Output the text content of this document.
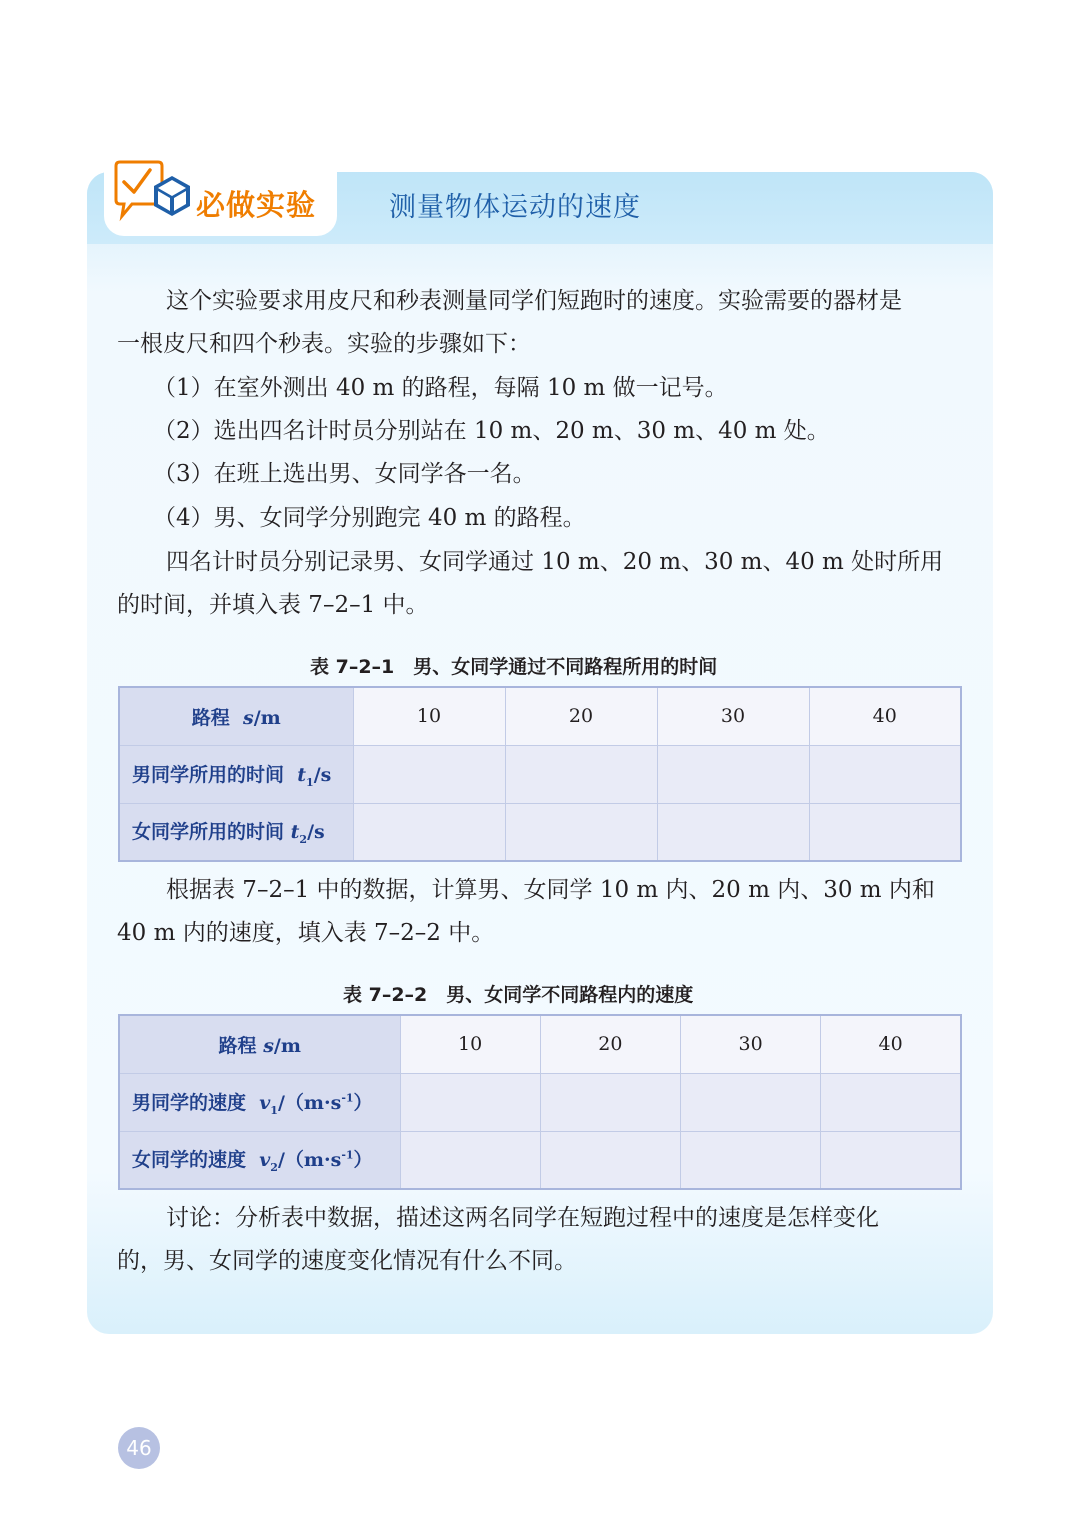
必做实验	测量物体运动的速度
这个实验要求用皮尺和秒表测量同学们短跑时的速度。实验需要的器材是
一根皮尺和四个秒表。实验的步骤如下：
（1）在室外测出 40 m 的路程，每隔 10 m 做一记号。
（2）选出四名计时员分别站在 10 m、20 m、30 m、40 m 处。
（3）在班上选出男、女同学各一名。
（4）男、女同学分别跑完 40 m 的路程。
四名计时员分别记录男、女同学通过 10 m、20 m、30 m、40 m 处时所用
的时间，并填入表 7–2–1 中。
表 7–2–1　男、女同学通过不同路程所用的时间
路程 s/m	10	20	30	40
男同学所用的时间 $t_1/s$				
女同学所用的时间 $t_2/s$				
根据表 7–2–1 中的数据，计算男、女同学 10 m 内、20 m 内、30 m 内和
40 m 内的速度，填入表 7–2–2 中。
表 7–2–2　男、女同学不同路程内的速度
路程 s/m	10	20	30	40
男同学的速度 $v_1/(m\cdot s^{-1})$				
女同学的速度 $v_2/(m\cdot s^{-1})$				
讨论：分析表中数据，描述这两名同学在短跑过程中的速度是怎样变化
的，男、女同学的速度变化情况有什么不同。
46
